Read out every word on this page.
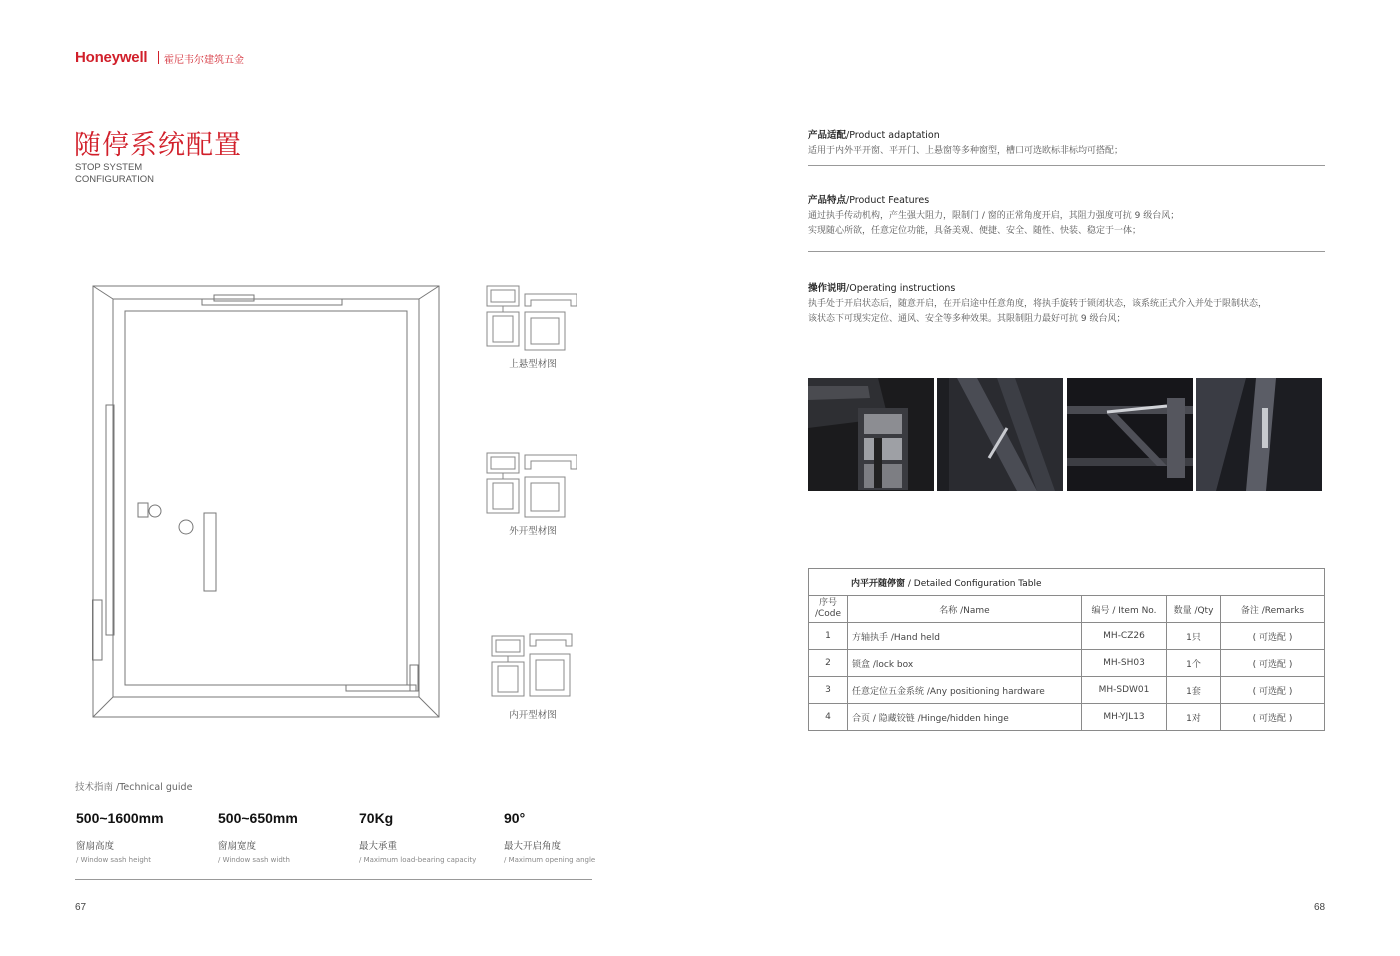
Honeywell 霍尼韦尔建筑五金
随停系统配置
STOP SYSTEM
CONFIGURATION
上悬型材图
外开型材图
内开型材图
技术指南 /Technical guide
500~1600mm
窗扇高度
/ Window sash height
500~650mm
窗扇宽度
/ Window sash width
70Kg
最大承重
/ Maximum load-bearing capacity
90°
最大开启角度
/ Maximum opening angle
67
产品适配/Product adaptation
适用于内外平开窗、平开门、上悬窗等多种窗型，槽口可选欧标非标均可搭配；
产品特点/Product Features
通过执手传动机构，产生强大阻力，限制门 / 窗的正常角度开启，其阻力强度可抗 9 级台风；
实现随心所欲，任意定位功能，具备美观、便捷、安全、随性、快装、稳定于一体；
操作说明/Operating instructions
执手处于开启状态后，随意开启，在开启途中任意角度，将执手旋转于锁闭状态，该系统正式介入并处于限制状态，
该状态下可现实定位、通风、安全等多种效果。其限制阻力最好可抗 9 级台风；
内平开随停窗 / Detailed Configuration Table				
序号 /Code	名称 /Name	编号 / Item No.	数量 /Qty	备注 /Remarks
1	方轴执手 /Hand held	MH-CZ26	1只	( 可选配 )
2	锁盒 /lock box	MH-SH03	1个	( 可选配 )
3	任意定位五金系统 /Any positioning hardware	MH-SDW01	1套	( 可选配 )
4	合页 / 隐藏铰链 /Hinge/hidden hinge	MH-YJL13	1对	( 可选配 )
68
